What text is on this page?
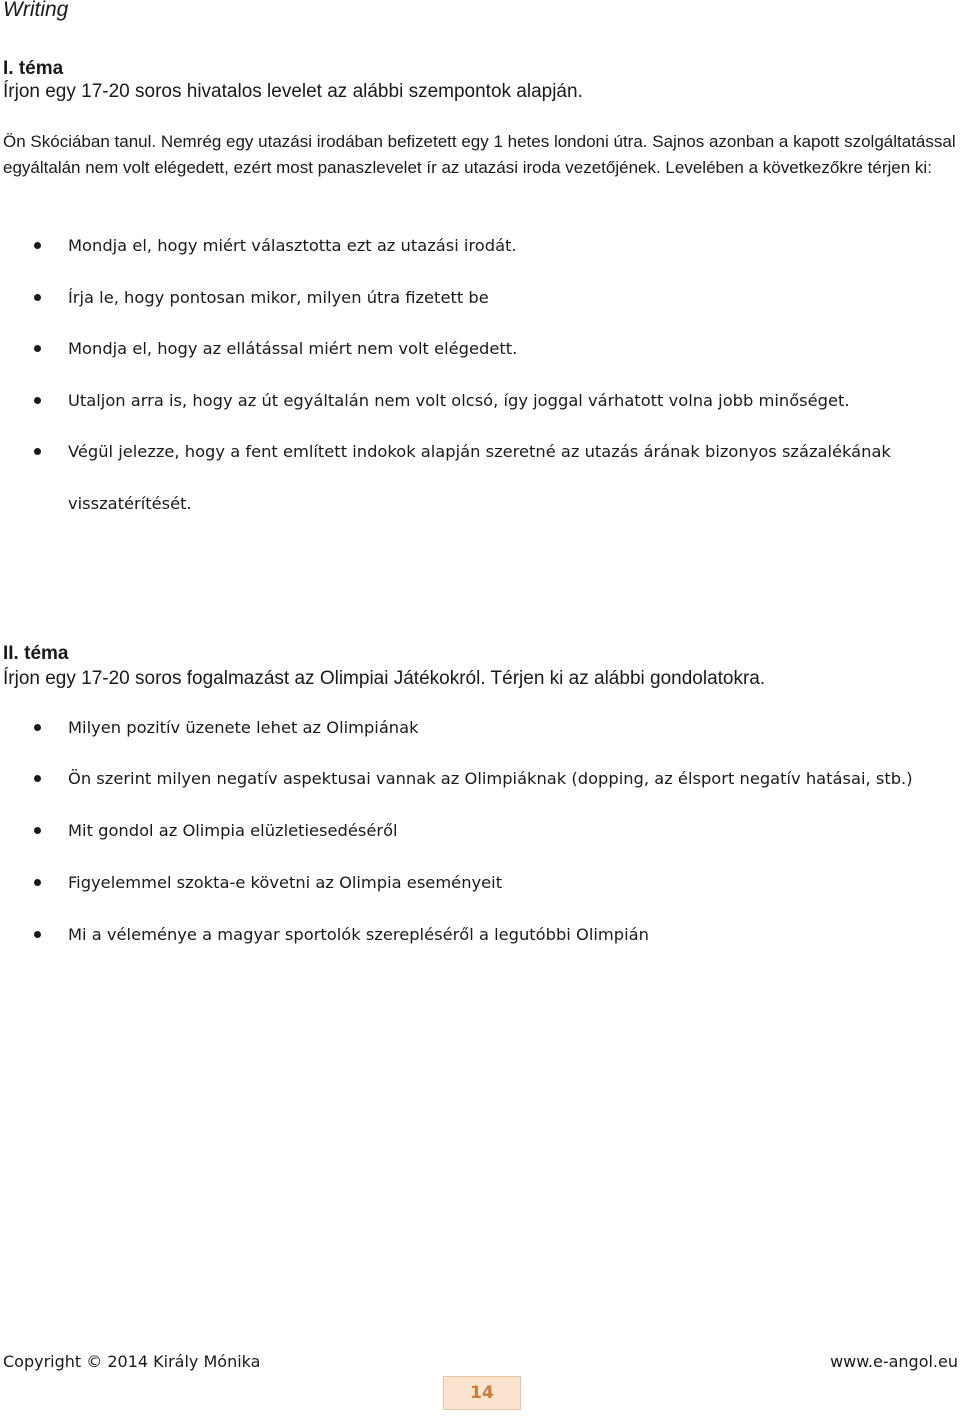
Writing
I. téma
Írjon egy 17-20 soros hivatalos levelet az alábbi szempontok alapján.
Ön Skóciában tanul. Nemrég egy utazási irodában befizetett egy 1 hetes londoni útra. Sajnos azonban a kapott szolgáltatással egyáltalán nem volt elégedett, ezért most panaszlevelet ír az utazási iroda vezetőjének. Levelében a következőkre térjen ki:
Mondja el, hogy miért választotta ezt az utazási irodát.
Írja le, hogy pontosan mikor, milyen útra fizetett be
Mondja el, hogy az ellátással miért nem volt elégedett.
Utaljon arra is, hogy az út egyáltalán nem volt olcsó, így joggal várhatott volna jobb minőséget.
Végül jelezze, hogy a fent említett indokok alapján szeretné az utazás árának bizonyos százalékának
visszatérítését.
II. téma
Írjon egy 17-20 soros fogalmazást az Olimpiai Játékokról. Térjen ki az alábbi gondolatokra.
Milyen pozitív üzenete lehet az Olimpiának
Ön szerint milyen negatív aspektusai vannak az Olimpiáknak (dopping, az élsport negatív hatásai, stb.)
Mit gondol az Olimpia elüzletiesedéséről
Figyelemmel szokta-e követni az Olimpia eseményeit
Mi a véleménye a magyar sportolók szerepléséről a legutóbbi Olimpián
Copyright © 2014 Király Mónika	www.e-angol.eu
14
